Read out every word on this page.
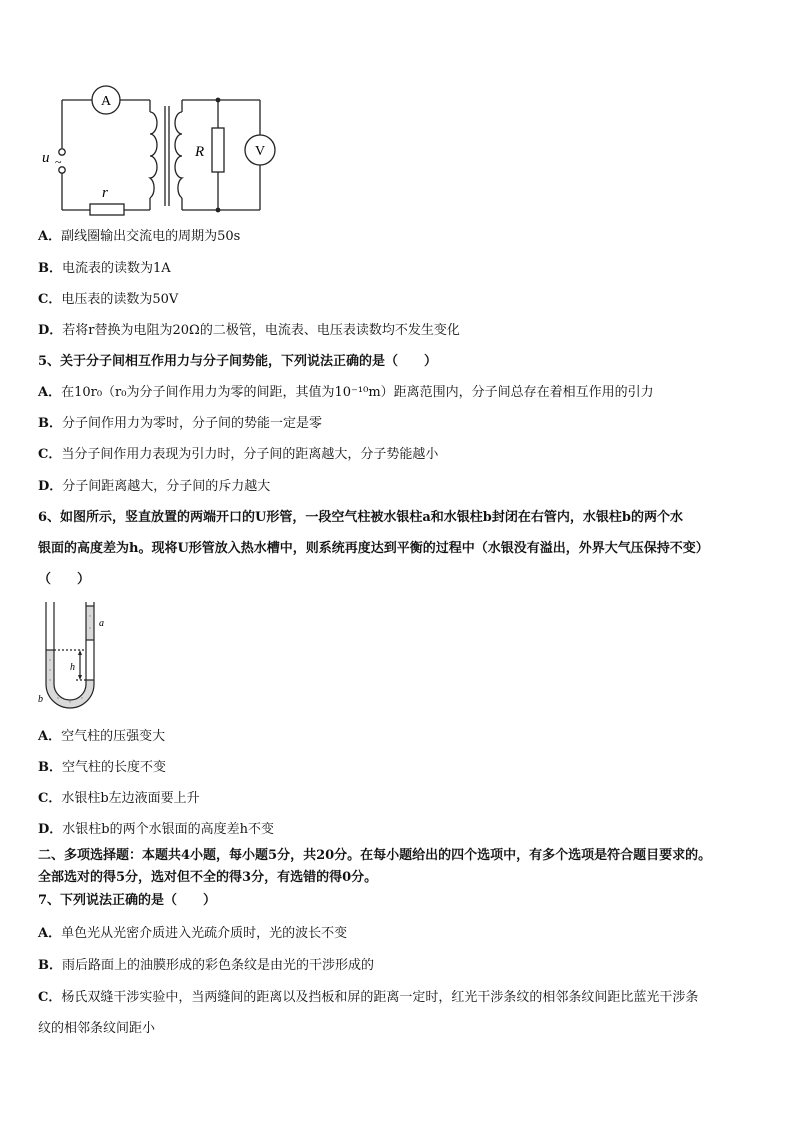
A
V
u ~
r
R
A．副线圈输出交流电的周期为50s
B．电流表的读数为1A
C．电压表的读数为50V
D．若将r替换为电阻为20Ω的二极管，电流表、电压表读数均不发生变化
5、关于分子间相互作用力与分子间势能，下列说法正确的是（　　）
A．在10r₀（r₀为分子间作用力为零的间距，其值为10⁻¹⁰m）距离范围内，分子间总存在着相互作用的引力
B．分子间作用力为零时，分子间的势能一定是零
C．当分子间作用力表现为引力时，分子间的距离越大，分子势能越小
D．分子间距离越大，分子间的斥力越大
6、如图所示，竖直放置的两端开口的U形管，一段空气柱被水银柱a和水银柱b封闭在右管内，水银柱b的两个水
银面的高度差为h。现将U形管放入热水槽中，则系统再度达到平衡的过程中（水银没有溢出，外界大气压保持不变）
（　　）
a
h
b
A．空气柱的压强变大
B．空气柱的长度不变
C．水银柱b左边液面要上升
D．水银柱b的两个水银面的高度差h不变
二、多项选择题：本题共4小题，每小题5分，共20分。在每小题给出的四个选项中，有多个选项是符合题目要求的。
全部选对的得5分，选对但不全的得3分，有选错的得0分。
7、下列说法正确的是（　　）
A．单色光从光密介质进入光疏介质时，光的波长不变
B．雨后路面上的油膜形成的彩色条纹是由光的干涉形成的
C．杨氏双缝干涉实验中，当两缝间的距离以及挡板和屏的距离一定时，红光干涉条纹的相邻条纹间距比蓝光干涉条
纹的相邻条纹间距小
